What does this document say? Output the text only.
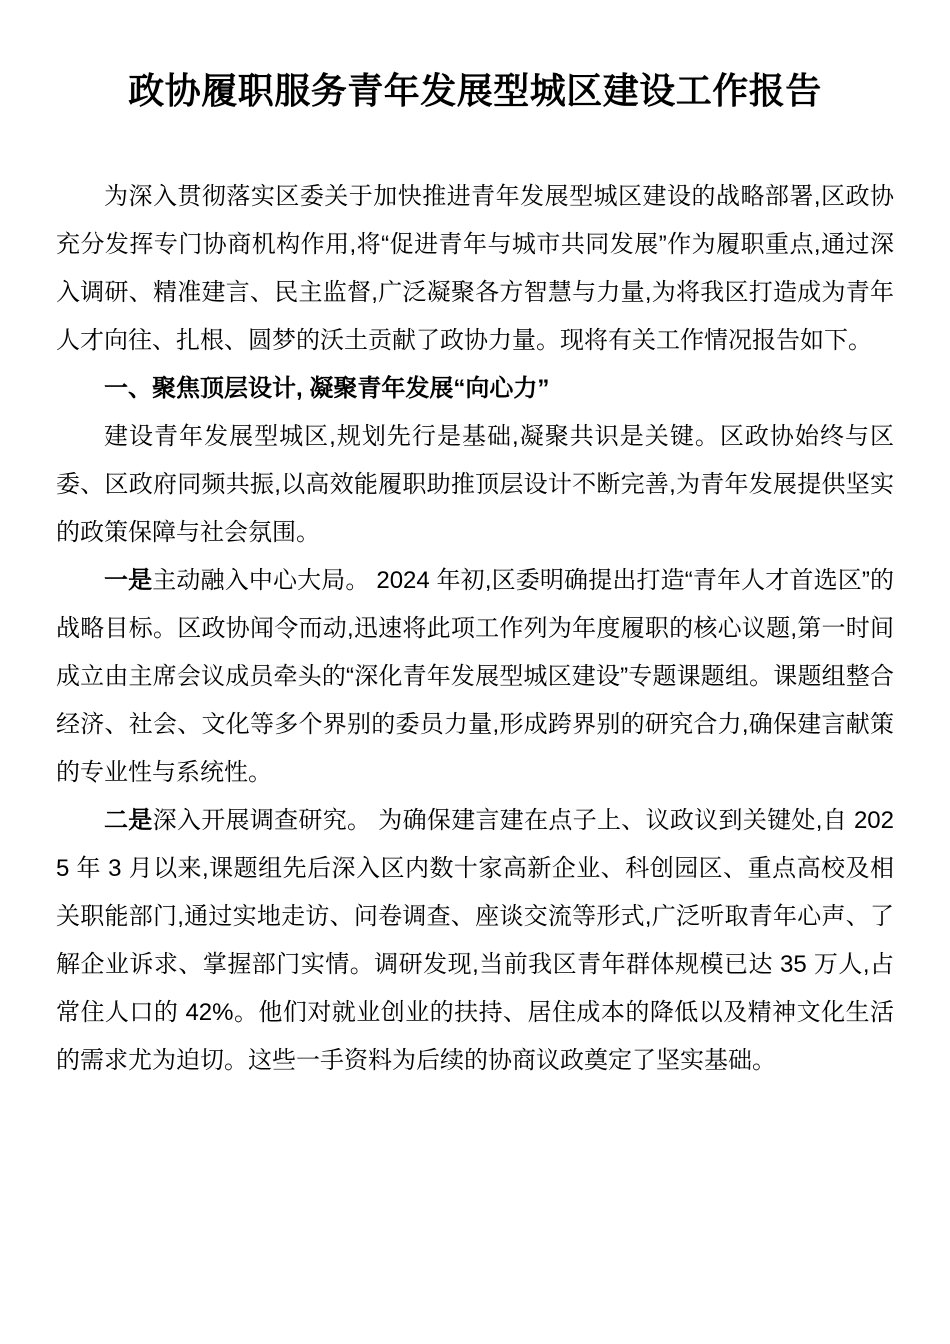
政协履职服务青年发展型城区建设工作报告

为深入贯彻落实区委关于加快推进青年发展型城区建设的战略部署,区政协充分发挥专门协商机构作用,将“促进青年与城市共同发展”作为履职重点,通过深入调研、精准建言、民主监督,广泛凝聚各方智慧与力量,为将我区打造成为青年人才向往、扎根、圆梦的沃土贡献了政协力量。现将有关工作情况报告如下。

一、聚焦顶层设计, 凝聚青年发展“向心力”

建设青年发展型城区,规划先行是基础,凝聚共识是关键。区政协始终与区委、区政府同频共振,以高效能履职助推顶层设计不断完善,为青年发展提供坚实的政策保障与社会氛围。

一是主动融入中心大局。 2024 年初,区委明确提出打造“青年人才首选区”的战略目标。区政协闻令而动,迅速将此项工作列为年度履职的核心议题,第一时间成立由主席会议成员牵头的“深化青年发展型城区建设”专题课题组。课题组整合经济、社会、文化等多个界别的委员力量,形成跨界别的研究合力,确保建言献策的专业性与系统性。

二是深入开展调查研究。 为确保建言建在点子上、议政议到关键处,自 2025 年 3 月以来,课题组先后深入区内数十家高新企业、科创园区、重点高校及相关职能部门,通过实地走访、问卷调查、座谈交流等形式,广泛听取青年心声、了解企业诉求、掌握部门实情。调研发现,当前我区青年群体规模已达 35 万人,占常住人口的 42%。他们对就业创业的扶持、居住成本的降低以及精神文化生活的需求尤为迫切。这些一手资料为后续的协商议政奠定了坚实基础。
